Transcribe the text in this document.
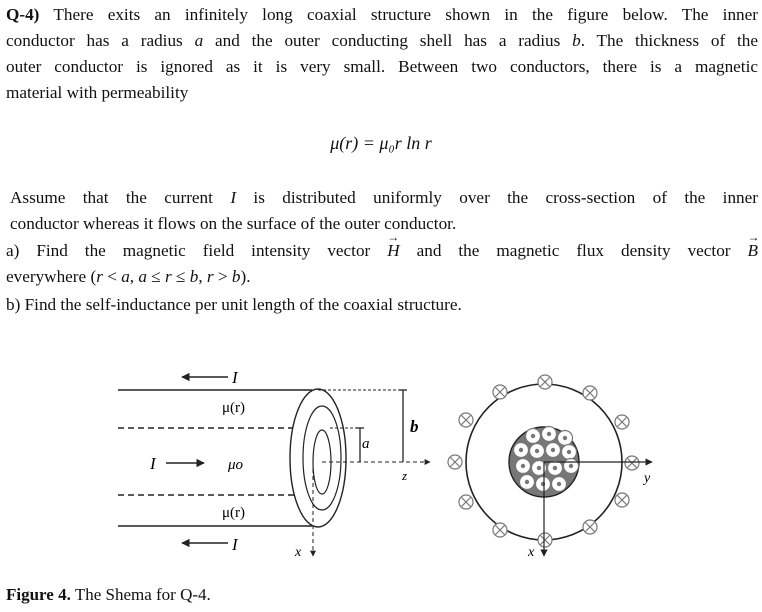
Q-4) There exits an infinitely long coaxial structure shown in the figure below. The inner
conductor has a radius a and the outer conducting shell has a radius b. The thickness of the
outer conductor is ignored as it is very small. Between two conductors, there is a magnetic
material with permeability
μ(r) = μ₀r ln r
Assume that the current I is distributed uniformly over the cross-section of the inner
conductor whereas it flows on the surface of the outer conductor.
a) Find the magnetic field intensity vector H → and the magnetic flux density vector B →
everywhere (r < a, a ≤ r ≤ b, r > b).
b) Find the self-inductance per unit length of the coaxial structure.
I
μ(r)
I	μo
μ(r)
I
a
b
z
x
y
x
Figure 4. The Shema for Q-4.
